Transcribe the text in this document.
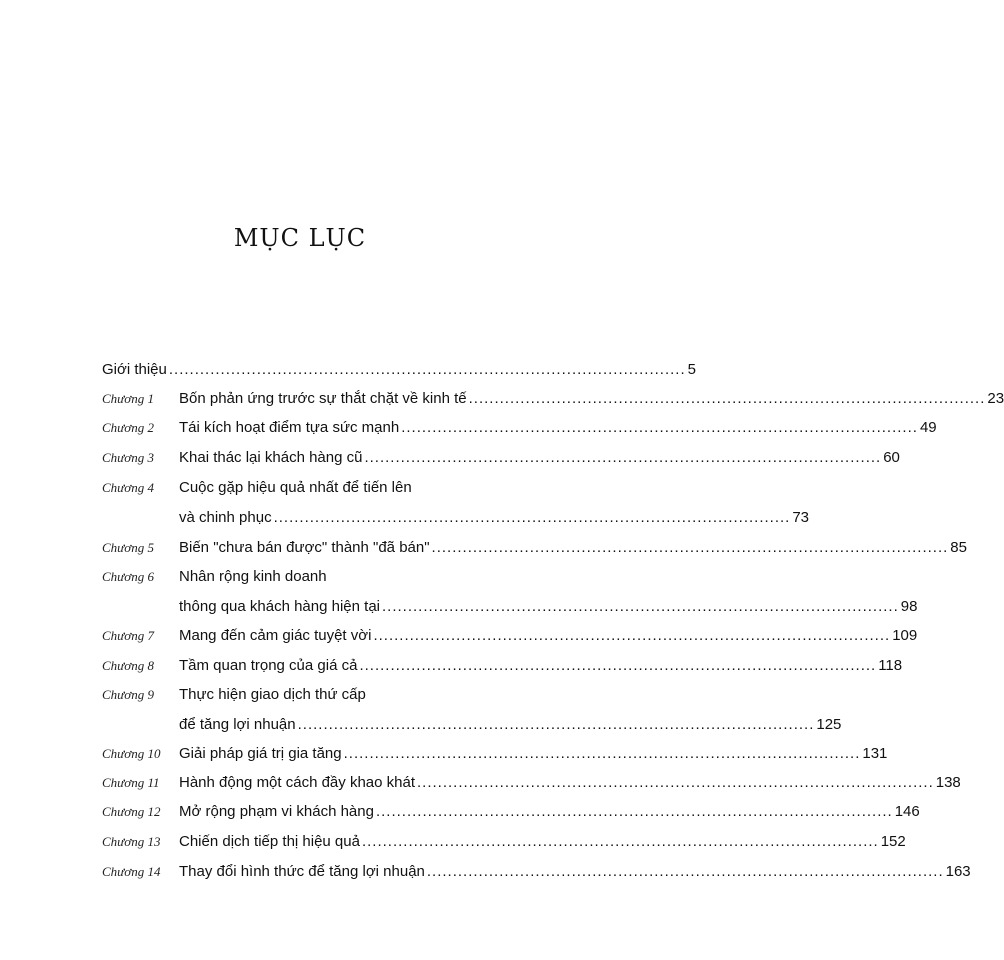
MỤC LỤC
Giới thiệu .................................................................................................... 5
Chương 1 Bốn phản ứng trước sự thắt chặt về kinh tế .................................................................................................... 23
Chương 2 Tái kích hoạt điểm tựa sức mạnh .................................................................................................... 49
Chương 3 Khai thác lại khách hàng cũ .................................................................................................... 60
Chương 4 Cuộc gặp hiệu quả nhất để tiến lên
và chinh phục .................................................................................................... 73
Chương 5 Biến "chưa bán được" thành "đã bán" .................................................................................................... 85
Chương 6 Nhân rộng kinh doanh
thông qua khách hàng hiện tại .................................................................................................... 98
Chương 7 Mang đến cảm giác tuyệt vời .................................................................................................... 109
Chương 8 Tầm quan trọng của giá cả .................................................................................................... 118
Chương 9 Thực hiện giao dịch thứ cấp
để tăng lợi nhuận .................................................................................................... 125
Chương 10 Giải pháp giá trị gia tăng .................................................................................................... 131
Chương 11 Hành động một cách đầy khao khát .................................................................................................... 138
Chương 12 Mở rộng phạm vi khách hàng .................................................................................................... 146
Chương 13 Chiến dịch tiếp thị hiệu quả .................................................................................................... 152
Chương 14 Thay đổi hình thức để tăng lợi nhuận .................................................................................................... 163
